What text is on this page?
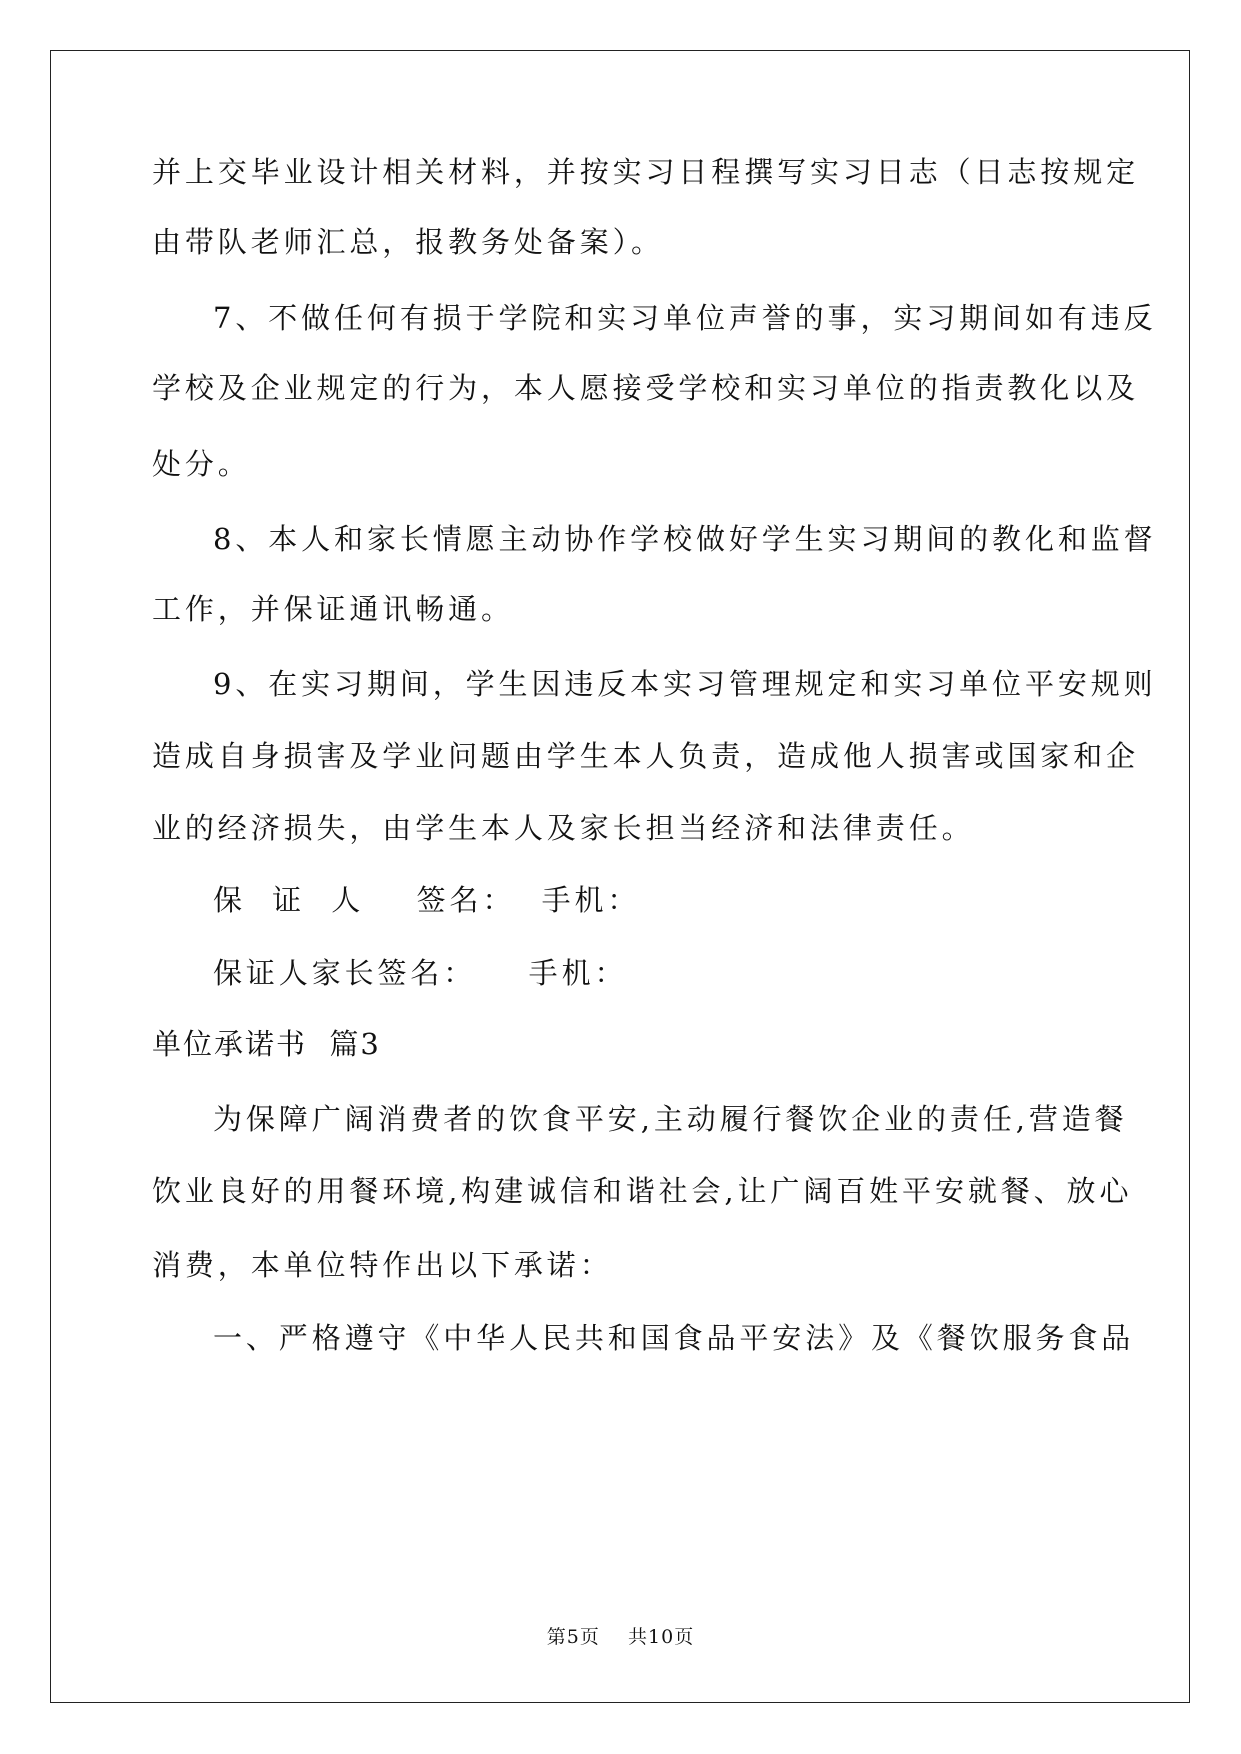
并上交毕业设计相关材料，并按实习日程撰写实习日志（日志按规定
由带队老师汇总，报教务处备案）。
7、不做任何有损于学院和实习单位声誉的事，实习期间如有违反
学校及企业规定的行为，本人愿接受学校和实习单位的指责教化以及
处分。
8、本人和家长情愿主动协作学校做好学生实习期间的教化和监督
工作，并保证通讯畅通。
9、在实习期间，学生因违反本实习管理规定和实习单位平安规则
造成自身损害及学业问题由学生本人负责，造成他人损害或国家和企
业的经济损失，由学生本人及家长担当经济和法律责任。
保  证  人    签名：  手机：
保证人家长签名：    手机：
单位承诺书  篇3
为保障广阔消费者的饮食平安,主动履行餐饮企业的责任,营造餐
饮业良好的用餐环境,构建诚信和谐社会,让广阔百姓平安就餐、放心
消费，本单位特作出以下承诺：
一、严格遵守《中华人民共和国食品平安法》及《餐饮服务食品
第5页    共10页
